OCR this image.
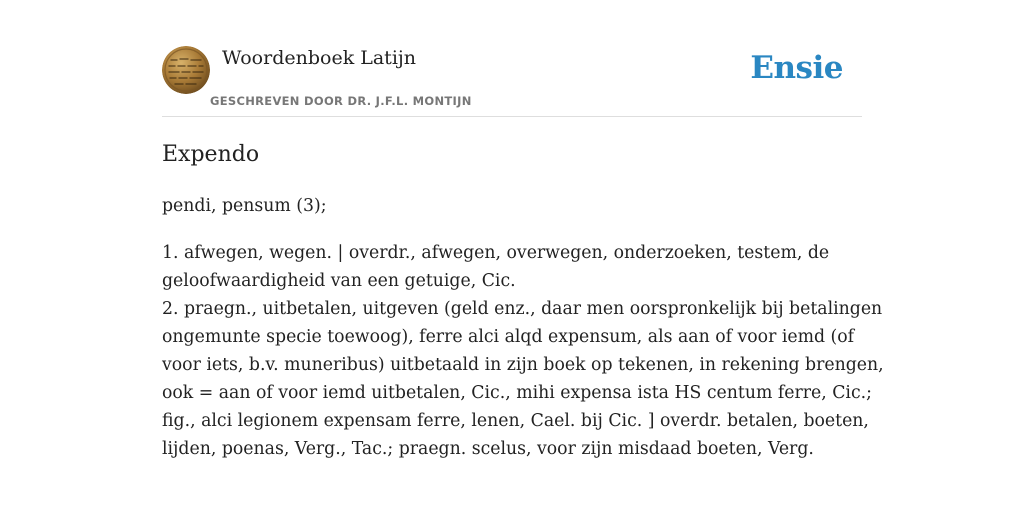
Woordenboek Latijn
GESCHREVEN DOOR DR. J.F.L. MONTIJN
Ensie
Expendo

pendi, pensum (3);

1. afwegen, wegen. | overdr., afwegen, overwegen, onderzoeken, testem, de
geloofwaardigheid van een getuige, Cic.
2. praegn., uitbetalen, uitgeven (geld enz., daar men oorspronkelijk bij betalingen
ongemunte specie toewoog), ferre alci alqd expensum, als aan of voor iemd (of
voor iets, b.v. muneribus) uitbetaald in zijn boek op tekenen, in rekening brengen,
ook = aan of voor iemd uitbetalen, Cic., mihi expensa ista HS centum ferre, Cic.;
fig., alci legionem expensam ferre, lenen, Cael. bij Cic. ] overdr. betalen, boeten,
lijden, poenas, Verg., Tac.; praegn. scelus, voor zijn misdaad boeten, Verg.
